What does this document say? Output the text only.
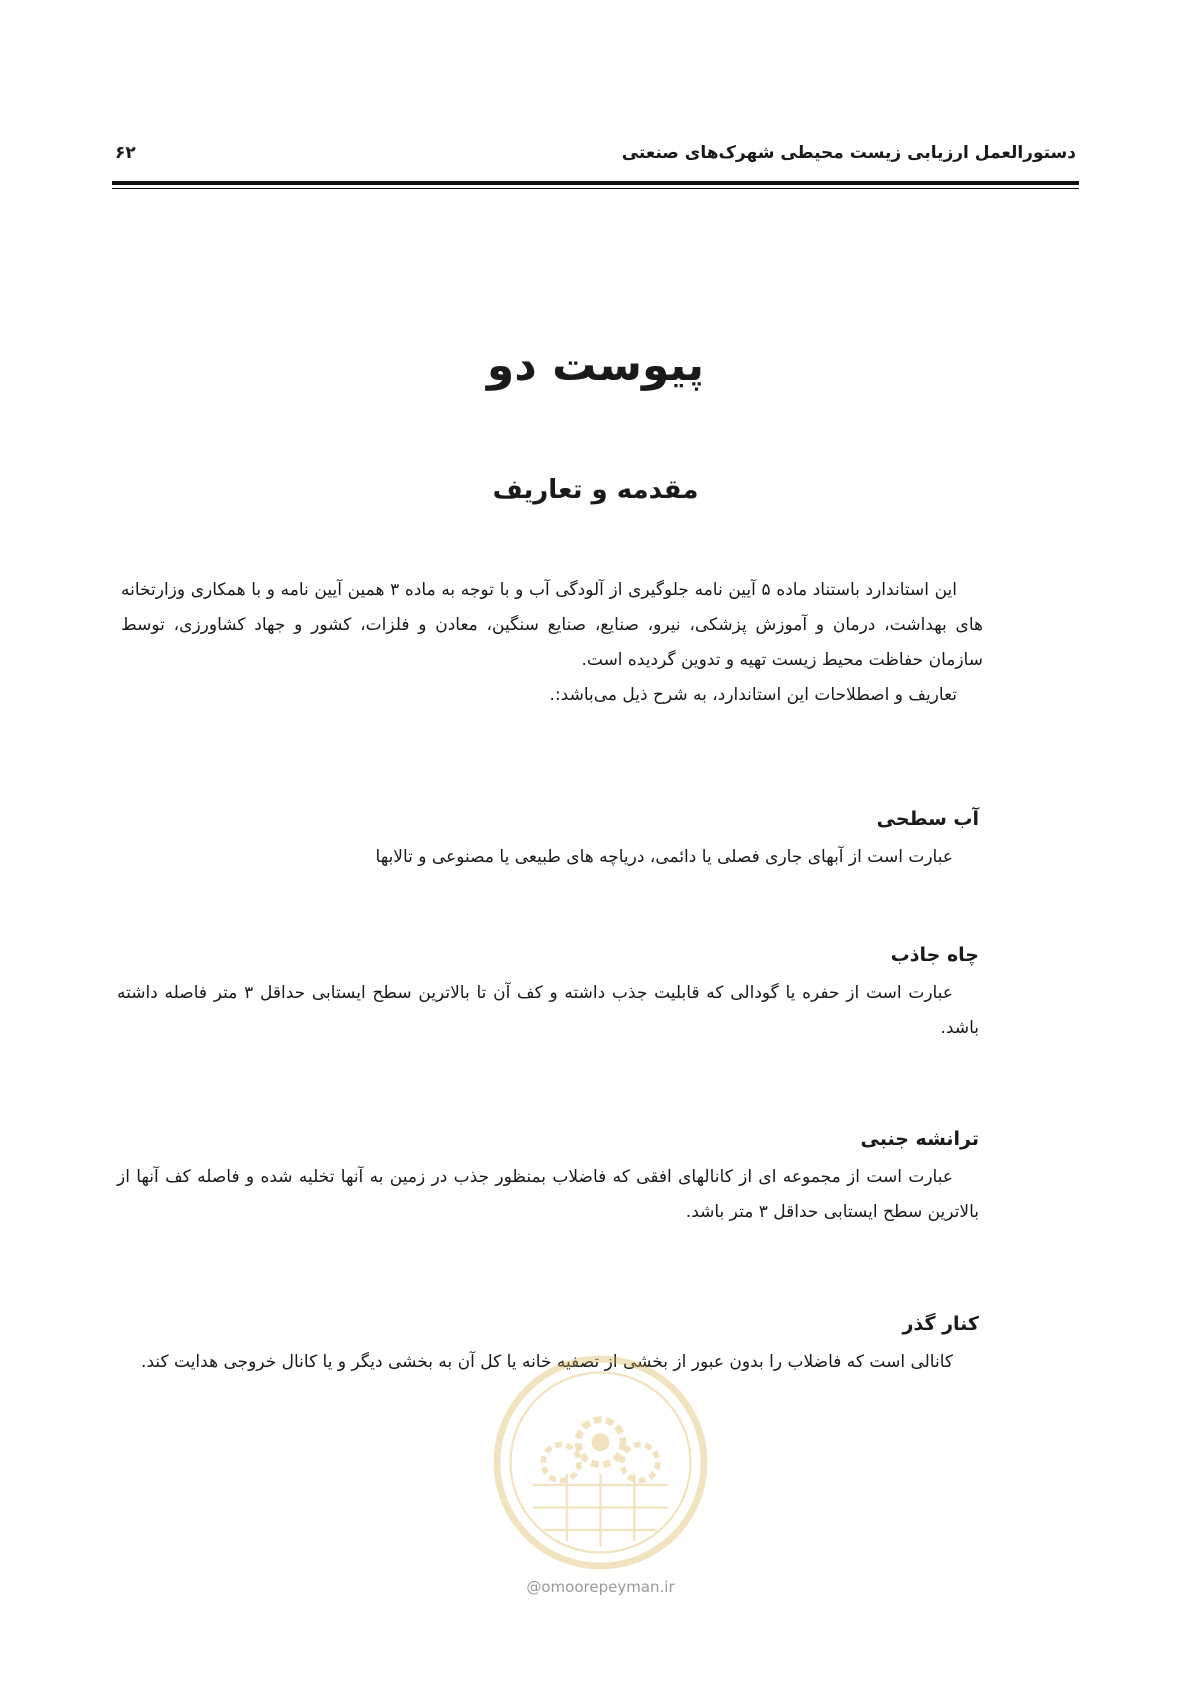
دستورالعمل ارزیابی زیست محیطی شهرک‌های صنعتی
۶۲
پیوست دو
مقدمه و تعاریف

این استاندارد باستناد ماده ۵ آیین نامه جلوگیری از آلودگی آب و با توجه به ماده ۳ همین آیین نامه و با همکاری وزارتخانه های بهداشت، درمان و آموزش پزشکی، نیرو، صنایع، صنایع سنگین، معادن و فلزات، کشور و جهاد کشاورزی، توسط سازمان حفاظت محیط زیست تهیه و تدوین گردیده است.

تعاریف و اصطلاحات این استاندارد، به شرح ذیل می‌باشد:.

آب سطحی

عبارت است از آبهای جاری فصلی یا دائمی، دریاچه های طبیعی یا مصنوعی و تالابها

چاه جاذب

عبارت است از حفره یا گودالی که قابلیت جذب داشته و کف آن تا بالاترین سطح ایستابی حداقل ۳ متر فاصله داشته باشد.

ترانشه جنبی

عبارت است از مجموعه ای از کانالهای افقی که فاضلاب بمنظور جذب در زمین به آنها تخلیه شده و فاصله کف آنها از بالاترین سطح ایستابی حداقل ۳ متر باشد.

کنار گذر

کانالی است که فاضلاب را بدون عبور از بخشی از تصفیه خانه یا کل آن به بخشی دیگر و یا کانال خروجی هدایت کند.

@omoorepeyman.ir
